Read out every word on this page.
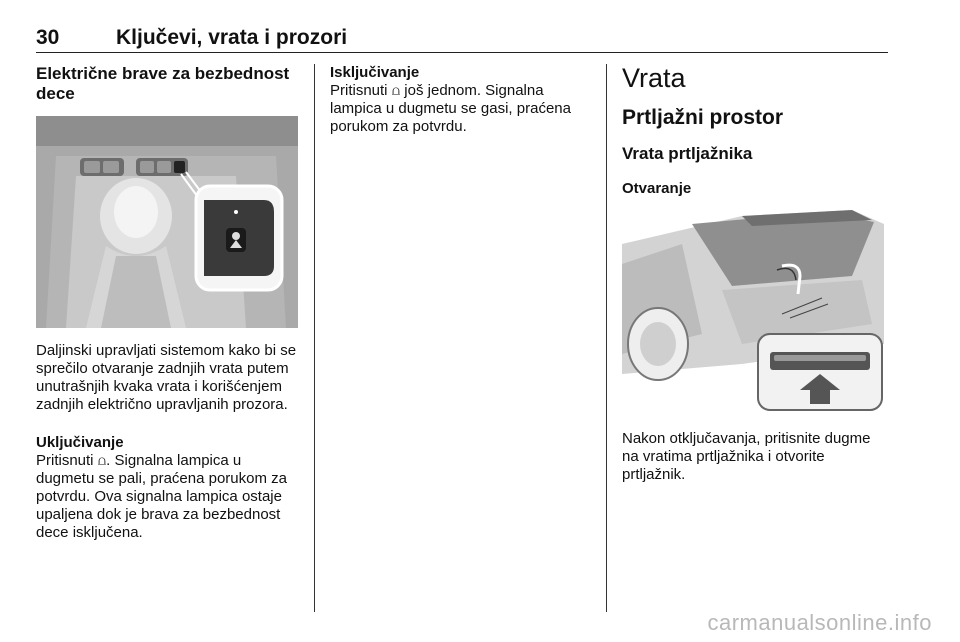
30	Ključevi, vrata i prozori
Električne brave za bezbednost dece

Daljinski upravljati sistemom kako bi se sprečilo otvaranje zadnjih vrata putem unutrašnjih kvaka vrata i korišćenjem zadnjih električno upravljanih prozora.

Uključivanje

Pritisnuti ⩍. Signalna lampica u dugmetu se pali, praćena porukom za potvrdu. Ova signalna lampica ostaje upaljena dok je brava za bezbednost dece isključena.

Isključivanje

Pritisnuti ⩍ još jednom. Signalna lampica u dugmetu se gasi, praćena porukom za potvrdu.

Vrata
Prtljažni prostor
Vrata prtljažnika
Otvaranje

Nakon otključavanja, pritisnite dugme na vratima prtljažnika i otvorite prtljažnik.

carmanualsonline.info
